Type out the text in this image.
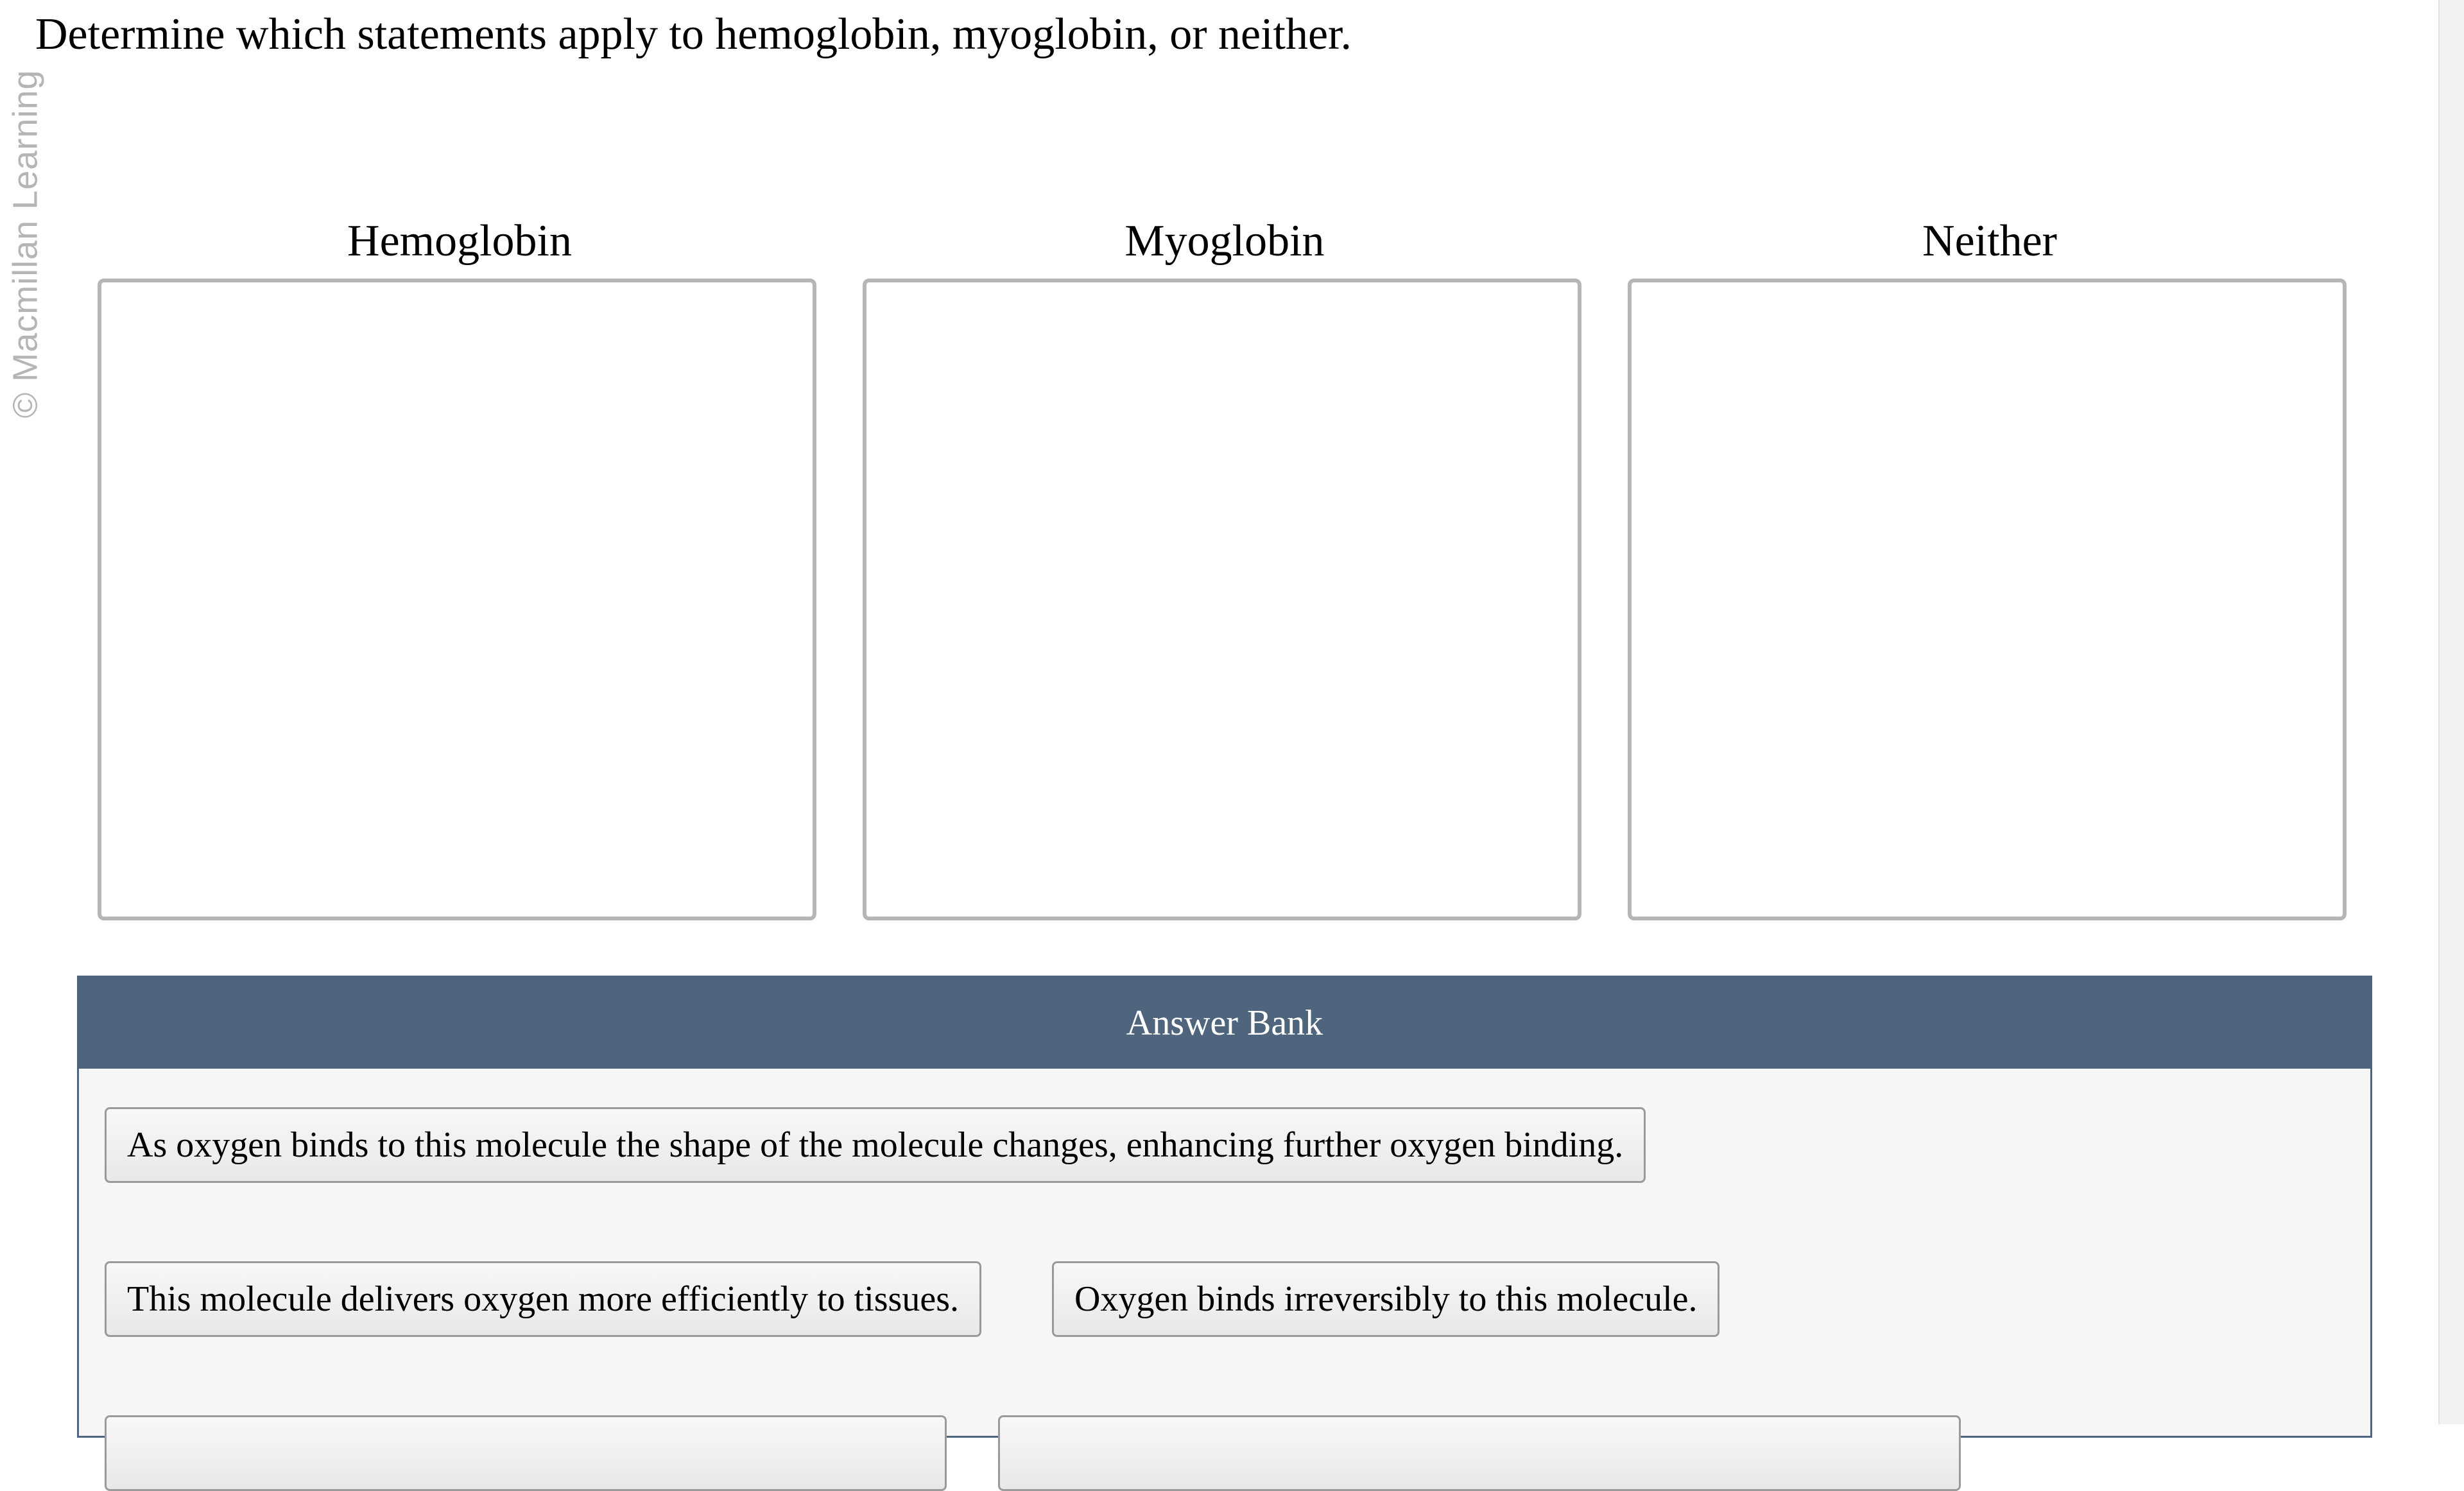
© Macmillan Learning
Determine which statements apply to hemoglobin, myoglobin, or neither.
Hemoglobin	Myoglobin	Neither
Answer Bank
As oxygen binds to this molecule the shape of the molecule changes, enhancing further oxygen binding.
This molecule delivers oxygen more efficiently to tissues.	Oxygen binds irreversibly to this molecule.
